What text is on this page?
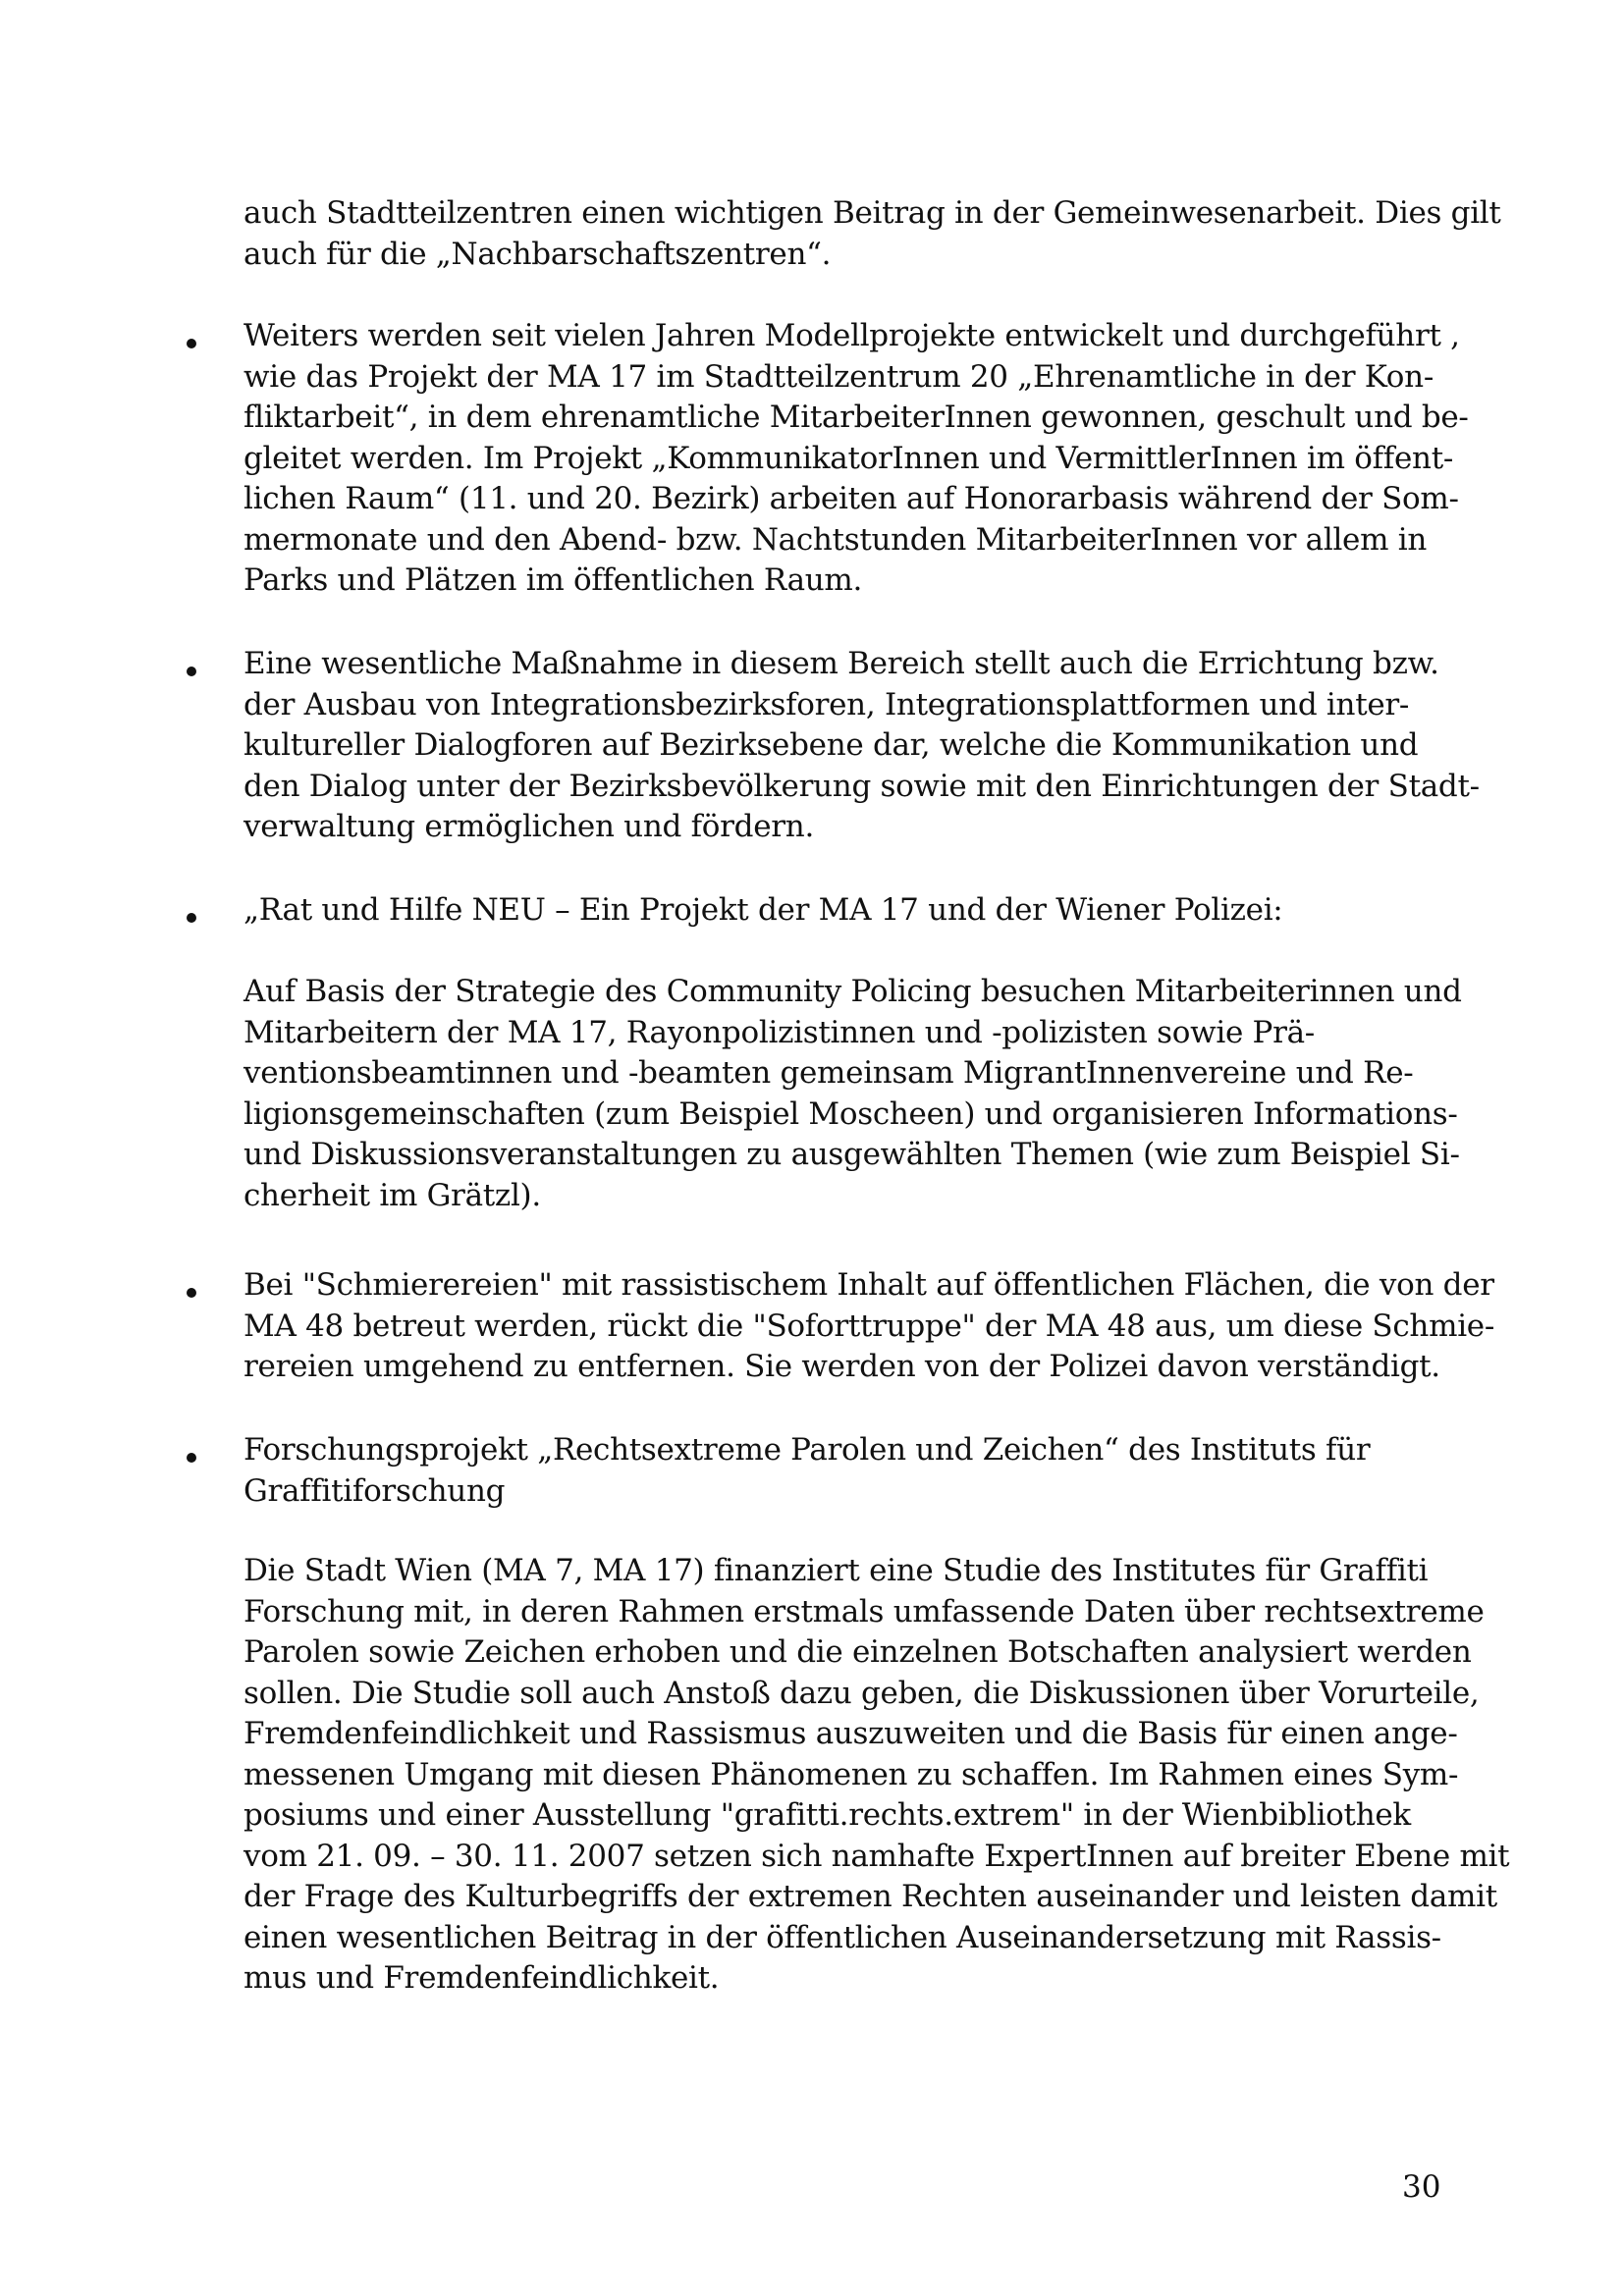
auch Stadtteilzentren einen wichtigen Beitrag in der Gemeinwesenarbeit. Dies gilt
auch für die „Nachbarschaftszentren“.
Weiters werden seit vielen Jahren Modellprojekte entwickelt und durchgeführt ,
wie das Projekt der MA 17 im Stadtteilzentrum 20 „Ehrenamtliche in der Kon-
fliktarbeit“, in dem ehrenamtliche MitarbeiterInnen gewonnen, geschult und be-
gleitet werden. Im Projekt „KommunikatorInnen und VermittlerInnen im öffent-
lichen Raum“ (11. und 20. Bezirk) arbeiten auf Honorarbasis während der Som-
mermonate und den Abend- bzw. Nachtstunden MitarbeiterInnen vor allem in
Parks und Plätzen im öffentlichen Raum.
Eine wesentliche Maßnahme in diesem Bereich stellt auch die Errichtung bzw.
der Ausbau von Integrationsbezirksforen, Integrationsplattformen und inter-
kultureller Dialogforen auf Bezirksebene dar, welche die Kommunikation und
den Dialog unter der Bezirksbevölkerung sowie mit den Einrichtungen der Stadt-
verwaltung ermöglichen und fördern.
„Rat und Hilfe NEU – Ein Projekt der MA 17 und der Wiener Polizei:
Auf Basis der Strategie des Community Policing besuchen Mitarbeiterinnen und
Mitarbeitern der MA 17, Rayonpolizistinnen und -polizisten sowie Prä-
ventionsbeamtinnen und -beamten gemeinsam MigrantInnenvereine und Re-
ligionsgemeinschaften (zum Beispiel Moscheen) und organisieren Informations-
und Diskussionsveranstaltungen zu ausgewählten Themen (wie zum Beispiel Si-
cherheit im Grätzl).
Bei "Schmierereien" mit rassistischem Inhalt auf öffentlichen Flächen, die von der
MA 48 betreut werden, rückt die "Soforttruppe" der MA 48 aus, um diese Schmie-
rereien umgehend zu entfernen. Sie werden von der Polizei davon verständigt.
Forschungsprojekt „Rechtsextreme Parolen und Zeichen“ des Instituts für
Graffitiforschung
Die Stadt Wien (MA 7, MA 17) finanziert eine Studie des Institutes für Graffiti
Forschung mit, in deren Rahmen erstmals umfassende Daten über rechtsextreme
Parolen sowie Zeichen erhoben und die einzelnen Botschaften analysiert werden
sollen. Die Studie soll auch Anstoß dazu geben, die Diskussionen über Vorurteile,
Fremdenfeindlichkeit und Rassismus auszuweiten und die Basis für einen ange-
messenen Umgang mit diesen Phänomenen zu schaffen. Im Rahmen eines Sym-
posiums und einer Ausstellung "grafitti.rechts.extrem" in der Wienbibliothek
vom 21. 09. – 30. 11. 2007 setzen sich namhafte ExpertInnen auf breiter Ebene mit
der Frage des Kulturbegriffs der extremen Rechten auseinander und leisten damit
einen wesentlichen Beitrag in der öffentlichen Auseinandersetzung mit Rassis-
mus und Fremdenfeindlichkeit.
30
